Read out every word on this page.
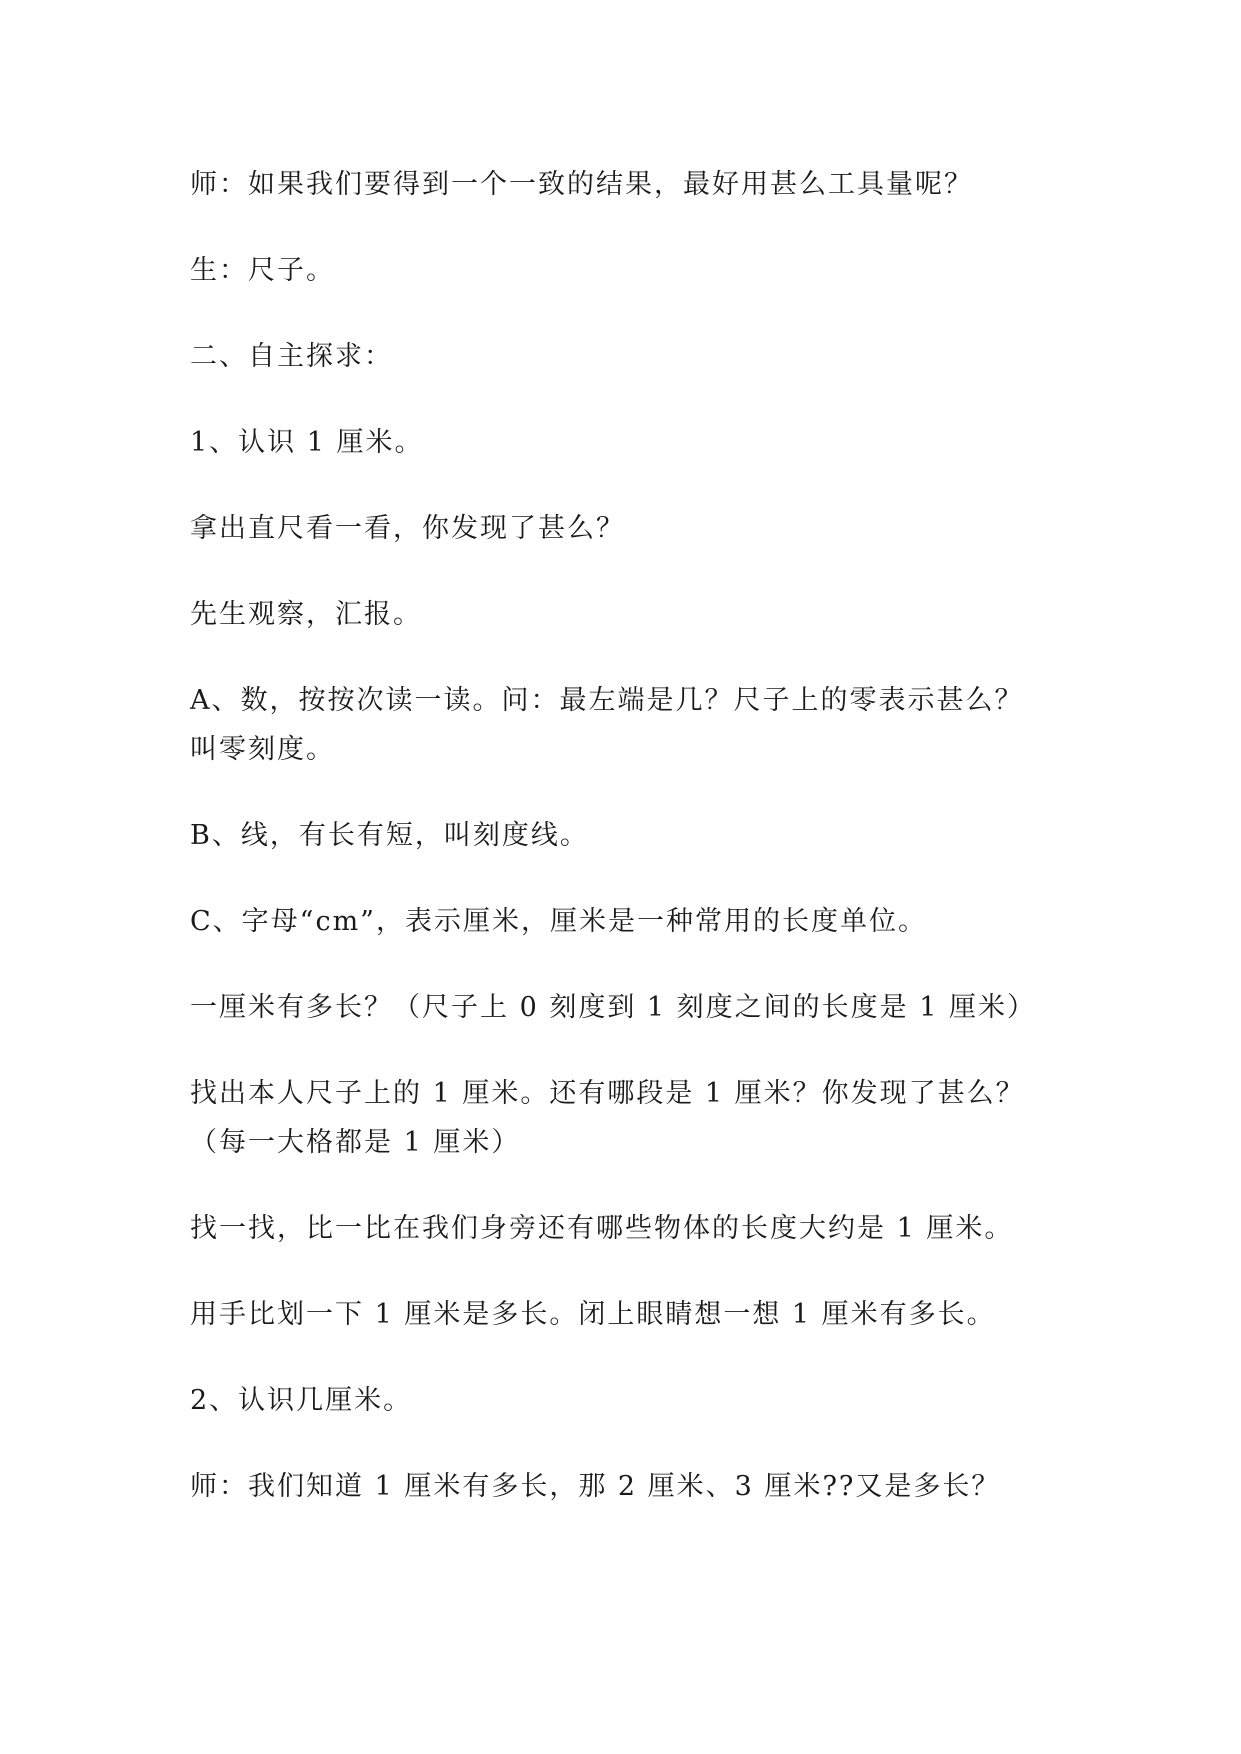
师：如果我们要得到一个一致的结果，最好用甚么工具量呢？
生：尺子。
二、自主探求：
1、认识 1 厘米。
拿出直尺看一看，你发现了甚么？
先生观察，汇报。
A、数，按按次读一读。问：最左端是几？尺子上的零表示甚么？叫零刻度。
B、线，有长有短，叫刻度线。
C、字母“cm”，表示厘米，厘米是一种常用的长度单位。
一厘米有多长？（尺子上 0 刻度到 1 刻度之间的长度是 1 厘米）
找出本人尺子上的 1 厘米。还有哪段是 1 厘米？你发现了甚么？（每一大格都是 1 厘米）
找一找，比一比在我们身旁还有哪些物体的长度大约是 1 厘米。
用手比划一下 1 厘米是多长。闭上眼睛想一想 1 厘米有多长。
2、认识几厘米。
师：我们知道 1 厘米有多长，那 2 厘米、3 厘米??又是多长？
